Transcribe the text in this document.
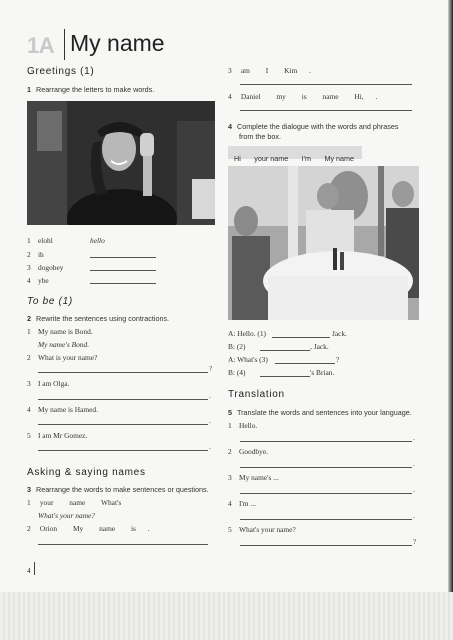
1A My name
Greetings (1)
1 Rearrange the letters to make words.
1 elohl	hello
2 ih
3 dogobey
4 ybe
To be (1)
2 Rewrite the sentences using contractions.
1 My name is Bond.
My name's Bond.
2 What is your name?
?
3 I am Olga.
.
4 My name is Hamed.
.
5 I am Mr Gomez.
.
Asking & saying names
3 Rearrange the words to make sentences or questions.
1 your name What's
What's your name?
2 Orion My name is .
3 am I Kim .
4 Daniel my is name Hi, .
4 Complete the dialogue with the words and phrases
from the box.
Hi your name I'm My name
A: Hello. (1)	Jack.
B: (2)	, Jack.
A: What's (3)	?
B: (4)	's Brian.
Translation
5 Translate the words and sentences into your language.
1 Hello.
.
2 Goodbye.
.
3 My name's ...
.
4 I'm ...
.
5 What's your name?
?
4
